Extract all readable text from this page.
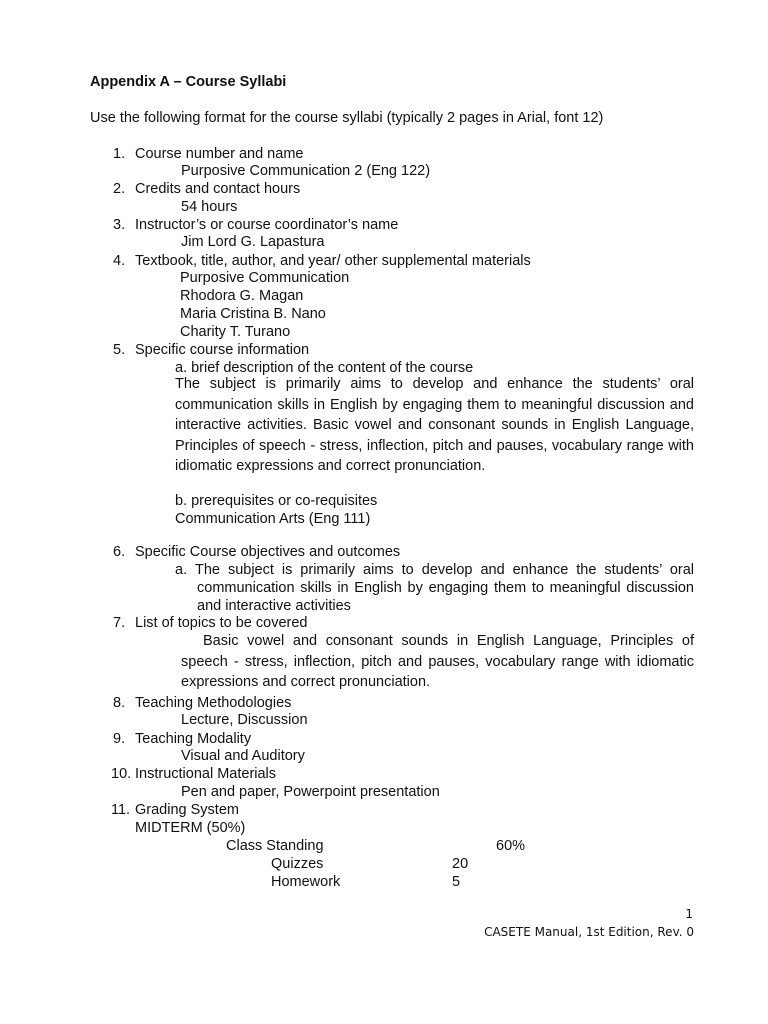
Appendix A – Course Syllabi
Use the following format for the course syllabi (typically 2 pages in Arial, font 12)
1. Course number and name
Purposive Communication 2 (Eng 122)
2. Credits and contact hours
54 hours
3. Instructor’s or course coordinator’s name
Jim Lord G. Lapastura
4. Textbook, title, author, and year/ other supplemental materials
Purposive Communication
Rhodora G. Magan
Maria Cristina B. Nano
Charity T. Turano
5. Specific course information
a. brief description of the content of the course
The subject is primarily aims to develop and enhance the students’ oral communication skills in English by engaging them to meaningful discussion and interactive activities. Basic vowel and consonant sounds in English Language, Principles of speech - stress, inflection, pitch and pauses, vocabulary range with idiomatic expressions and correct pronunciation.
b. prerequisites or co-requisites
Communication Arts (Eng 111)
6. Specific Course objectives and outcomes
a. The subject is primarily aims to develop and enhance the students’ oral communication skills in English by engaging them to meaningful discussion and interactive activities
7. List of topics to be covered
Basic vowel and consonant sounds in English Language, Principles of speech - stress, inflection, pitch and pauses, vocabulary range with idiomatic expressions and correct pronunciation.
8. Teaching Methodologies
Lecture, Discussion
9. Teaching Modality
Visual and Auditory
10. Instructional Materials
Pen and paper, Powerpoint presentation
11. Grading System
MIDTERM (50%)
Class Standing	60%
Quizzes	20
Homework	5
1
CASETE Manual, 1st Edition, Rev. 0
